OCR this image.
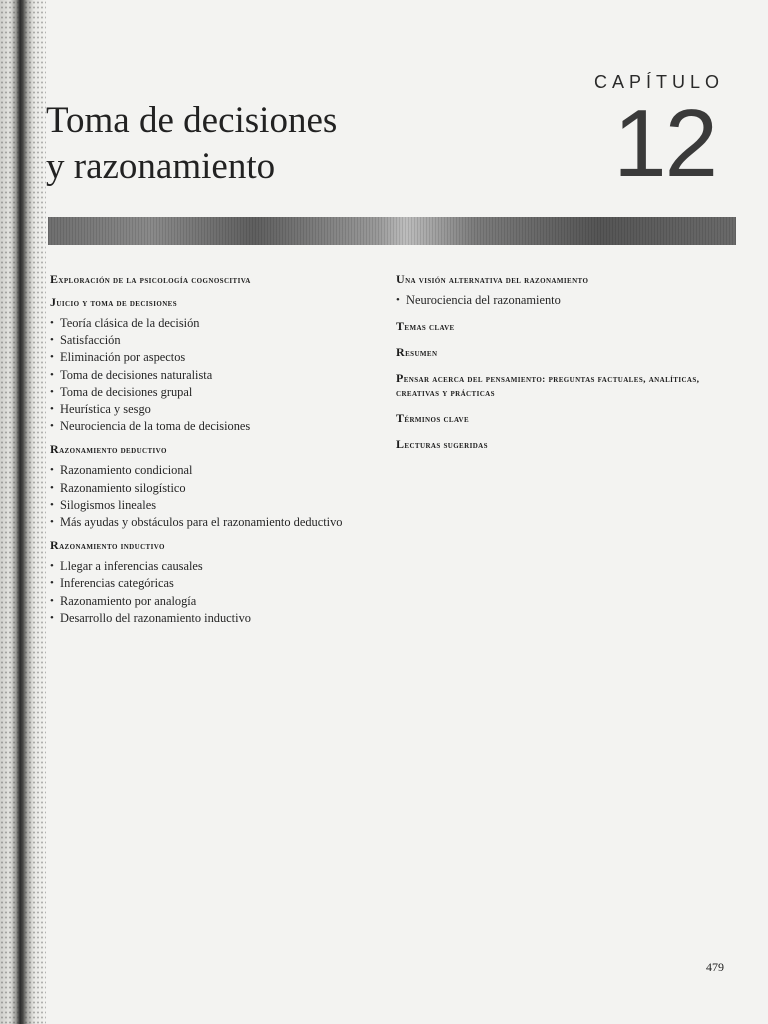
CAPÍTULO
12
Toma de decisiones
y razonamiento
Exploración de la psicología cognoscitiva
Juicio y toma de decisiones
• Teoría clásica de la decisión
• Satisfacción
• Eliminación por aspectos
• Toma de decisiones naturalista
• Toma de decisiones grupal
• Heurística y sesgo
• Neurociencia de la toma de decisiones
Razonamiento deductivo
• Razonamiento condicional
• Razonamiento silogístico
• Silogismos lineales
• Más ayudas y obstáculos para el razonamiento deductivo
Razonamiento inductivo
• Llegar a inferencias causales
• Inferencias categóricas
• Razonamiento por analogía
• Desarrollo del razonamiento inductivo
Una visión alternativa del razonamiento
• Neurociencia del razonamiento
Temas clave
Resumen
Pensar acerca del pensamiento: preguntas factuales, analíticas, creativas y prácticas
Términos clave
Lecturas sugeridas
479
